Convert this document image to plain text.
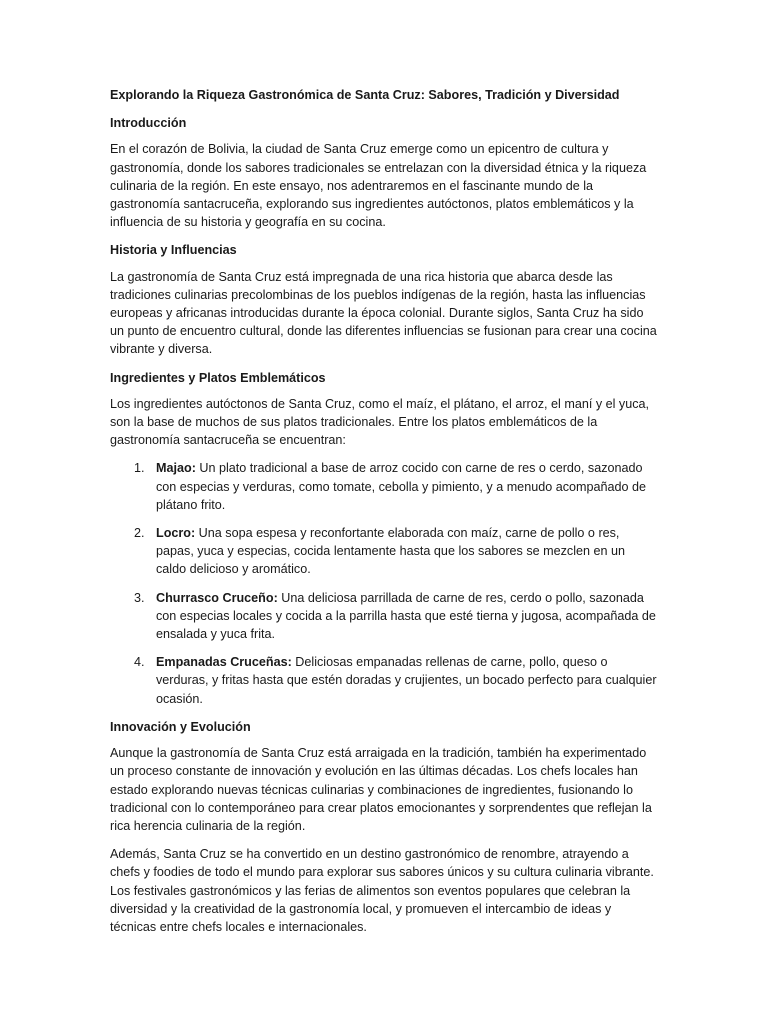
Explorando la Riqueza Gastronómica de Santa Cruz: Sabores, Tradición y Diversidad

Introducción

En el corazón de Bolivia, la ciudad de Santa Cruz emerge como un epicentro de cultura y gastronomía, donde los sabores tradicionales se entrelazan con la diversidad étnica y la riqueza culinaria de la región. En este ensayo, nos adentraremos en el fascinante mundo de la gastronomía santacruceña, explorando sus ingredientes autóctonos, platos emblemáticos y la influencia de su historia y geografía en su cocina.

Historia y Influencias

La gastronomía de Santa Cruz está impregnada de una rica historia que abarca desde las tradiciones culinarias precolombinas de los pueblos indígenas de la región, hasta las influencias europeas y africanas introducidas durante la época colonial. Durante siglos, Santa Cruz ha sido un punto de encuentro cultural, donde las diferentes influencias se fusionan para crear una cocina vibrante y diversa.

Ingredientes y Platos Emblemáticos

Los ingredientes autóctonos de Santa Cruz, como el maíz, el plátano, el arroz, el maní y el yuca, son la base de muchos de sus platos tradicionales. Entre los platos emblemáticos de la gastronomía santacruceña se encuentran:

1. Majao: Un plato tradicional a base de arroz cocido con carne de res o cerdo, sazonado con especias y verduras, como tomate, cebolla y pimiento, y a menudo acompañado de plátano frito.
2. Locro: Una sopa espesa y reconfortante elaborada con maíz, carne de pollo o res, papas, yuca y especias, cocida lentamente hasta que los sabores se mezclen en un caldo delicioso y aromático.
3. Churrasco Cruceño: Una deliciosa parrillada de carne de res, cerdo o pollo, sazonada con especias locales y cocida a la parrilla hasta que esté tierna y jugosa, acompañada de ensalada y yuca frita.
4. Empanadas Cruceñas: Deliciosas empanadas rellenas de carne, pollo, queso o verduras, y fritas hasta que estén doradas y crujientes, un bocado perfecto para cualquier ocasión.

Innovación y Evolución

Aunque la gastronomía de Santa Cruz está arraigada en la tradición, también ha experimentado un proceso constante de innovación y evolución en las últimas décadas. Los chefs locales han estado explorando nuevas técnicas culinarias y combinaciones de ingredientes, fusionando lo tradicional con lo contemporáneo para crear platos emocionantes y sorprendentes que reflejan la rica herencia culinaria de la región.

Además, Santa Cruz se ha convertido en un destino gastronómico de renombre, atrayendo a chefs y foodies de todo el mundo para explorar sus sabores únicos y su cultura culinaria vibrante. Los festivales gastronómicos y las ferias de alimentos son eventos populares que celebran la diversidad y la creatividad de la gastronomía local, y promueven el intercambio de ideas y técnicas entre chefs locales e internacionales.
